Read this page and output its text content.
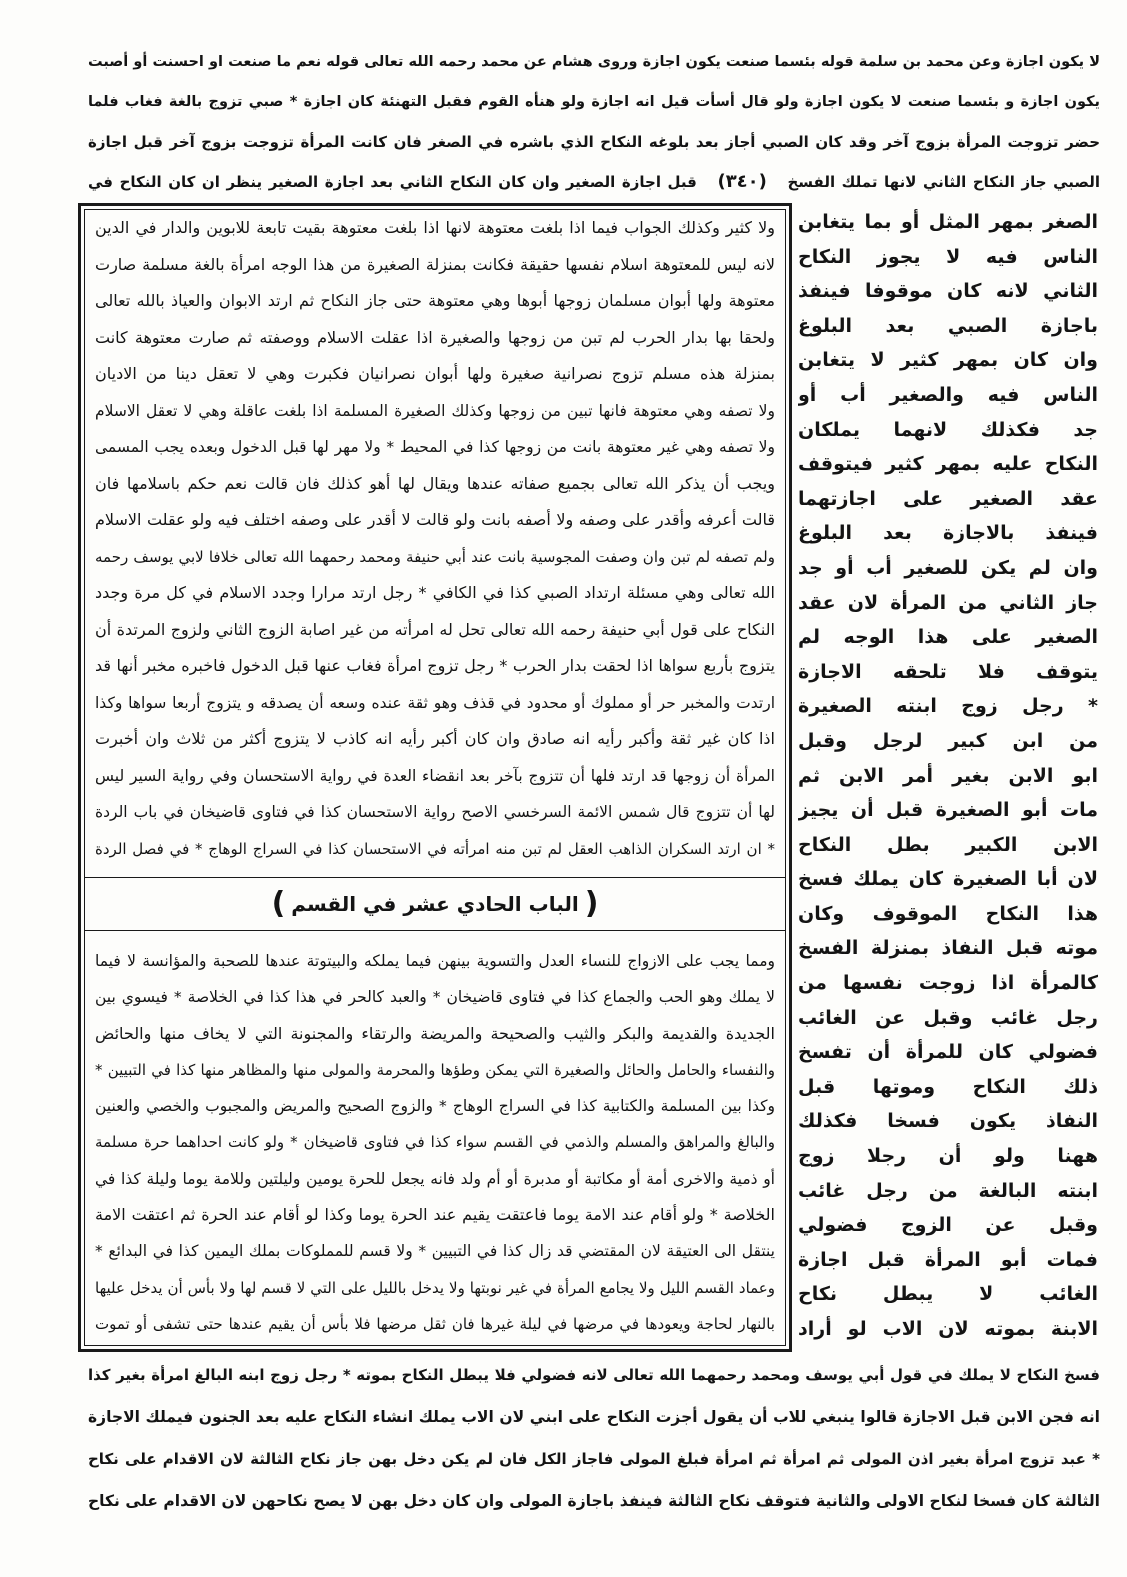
لا يكون اجازة وعن محمد بن سلمة قوله بئسما صنعت يكون اجازة وروى هشام عن محمد رحمه الله تعالى قوله نعم ما صنعت او احسنت أو أصبت
يكون اجازة و بئسما صنعت لا يكون اجازة ولو قال أسأت قيل انه اجازة ولو هنأه القوم فقبل التهنئة كان اجازة * صبي تزوج بالغة فغاب فلما
حضر تزوجت المرأة بزوج آخر وقد كان الصبي أجاز بعد بلوغه النكاح الذي باشره في الصغر فان كانت المرأة تزوجت بزوج آخر قبل اجازة
الصبي جاز النكاح الثاني لانها تملك الفسخ (٣٤٠) قبل اجازة الصغير وان كان النكاح الثاني بعد اجازة الصغير ينظر ان كان النكاح في
ولا كثير وكذلك الجواب فيما اذا بلغت معتوهة لانها اذا بلغت معتوهة بقيت تابعة للابوين والدار في الدين
لانه ليس للمعتوهة اسلام نفسها حقيقة فكانت بمنزلة الصغيرة من هذا الوجه امرأة بالغة مسلمة صارت
معتوهة ولها أبوان مسلمان زوجها أبوها وهي معتوهة حتى جاز النكاح ثم ارتد الابوان والعياذ بالله تعالى
ولحقا بها بدار الحرب لم تبن من زوجها والصغيرة اذا عقلت الاسلام ووصفته ثم صارت معتوهة كانت
بمنزلة هذه مسلم تزوج نصرانية صغيرة ولها أبوان نصرانيان فكبرت وهي لا تعقل دينا من الاديان
ولا تصفه وهي معتوهة فانها تبين من زوجها وكذلك الصغيرة المسلمة اذا بلغت عاقلة وهي لا تعقل الاسلام
ولا تصفه وهي غير معتوهة بانت من زوجها كذا في المحيط * ولا مهر لها قبل الدخول وبعده يجب المسمى
ويجب أن يذكر الله تعالى بجميع صفاته عندها ويقال لها أهو كذلك فان قالت نعم حكم باسلامها فان
قالت أعرفه وأقدر على وصفه ولا أصفه بانت ولو قالت لا أقدر على وصفه اختلف فيه ولو عقلت الاسلام
ولم تصفه لم تبن وان وصفت المجوسية بانت عند أبي حنيفة ومحمد رحمهما الله تعالى خلافا لابي يوسف رحمه
الله تعالى وهي مسئلة ارتداد الصبي كذا في الكافي * رجل ارتد مرارا وجدد الاسلام في كل مرة وجدد
النكاح على قول أبي حنيفة رحمه الله تعالى تحل له امرأته من غير اصابة الزوج الثاني ولزوج المرتدة أن
يتزوج بأربع سواها اذا لحقت بدار الحرب * رجل تزوج امرأة فغاب عنها قبل الدخول فاخبره مخبر أنها قد
ارتدت والمخبر حر أو مملوك أو محدود في قذف وهو ثقة عنده وسعه أن يصدقه و يتزوج أربعا سواها وكذا
اذا كان غير ثقة وأكبر رأيه انه صادق وان كان أكبر رأيه انه كاذب لا يتزوج أكثر من ثلاث وان أخبرت
المرأة أن زوجها قد ارتد فلها أن تتزوج بآخر بعد انقضاء العدة في رواية الاستحسان وفي رواية السير ليس
لها أن تتزوج قال شمس الائمة السرخسي الاصح رواية الاستحسان كذا في فتاوى قاضيخان في باب الردة
* ان ارتد السكران الذاهب العقل لم تبن منه امرأته في الاستحسان كذا في السراج الوهاج * في فصل الردة
(
الباب الحادي عشر في القسم
)
ومما يجب على الازواج للنساء العدل والتسوية بينهن فيما يملكه والبيتوتة عندها للصحبة والمؤانسة لا فيما
لا يملك وهو الحب والجماع كذا في فتاوى قاضيخان * والعبد كالحر في هذا كذا في الخلاصة * فيسوي بين
الجديدة والقديمة والبكر والثيب والصحيحة والمريضة والرتقاء والمجنونة التي لا يخاف منها والحائض
والنفساء والحامل والحائل والصغيرة التي يمكن وطؤها والمحرمة والمولى منها والمظاهر منها كذا في التبيين *
وكذا بين المسلمة والكتابية كذا في السراج الوهاج * والزوج الصحيح والمريض والمجبوب والخصي والعنين
والبالغ والمراهق والمسلم والذمي في القسم سواء كذا في فتاوى قاضيخان * ولو كانت احداهما حرة مسلمة
أو ذمية والاخرى أمة أو مكاتبة أو مدبرة أو أم ولد فانه يجعل للحرة يومين وليلتين وللامة يوما وليلة كذا في
الخلاصة * ولو أقام عند الامة يوما فاعتقت يقيم عند الحرة يوما وكذا لو أقام عند الحرة ثم اعتقت الامة
ينتقل الى العتيقة لان المقتضي قد زال كذا في التبيين * ولا قسم للمملوكات بملك اليمين كذا في البدائع *
وعماد القسم الليل ولا يجامع المرأة في غير نوبتها ولا يدخل بالليل على التي لا قسم لها ولا بأس أن يدخل عليها
بالنهار لحاجة ويعودها في مرضها في ليلة غيرها فان ثقل مرضها فلا بأس أن يقيم عندها حتى تشفى أو تموت
الصغر بمهر المثل أو بما يتغابن
الناس فيه لا يجوز النكاح
الثاني لانه كان موقوفا فينفذ
باجازة الصبي بعد البلوغ
وان كان بمهر كثير لا يتغابن
الناس فيه والصغير أب أو
جد فكذلك لانهما يملكان
النكاح عليه بمهر كثير فيتوقف
عقد الصغير على اجازتهما
فينفذ بالاجازة بعد البلوغ
وان لم يكن للصغير أب أو جد
جاز الثاني من المرأة لان عقد
الصغير على هذا الوجه لم
يتوقف فلا تلحقه الاجازة
* رجل زوج ابنته الصغيرة
من ابن كبير لرجل وقبل
ابو الابن بغير أمر الابن ثم
مات أبو الصغيرة قبل أن يجيز
الابن الكبير بطل النكاح
لان أبا الصغيرة كان يملك فسخ
هذا النكاح الموقوف وكان
موته قبل النفاذ بمنزلة الفسخ
كالمرأة اذا زوجت نفسها من
رجل غائب وقبل عن الغائب
فضولي كان للمرأة أن تفسخ
ذلك النكاح وموتها قبل
النفاذ يكون فسخا فكذلك
ههنا ولو أن رجلا زوج
ابنته البالغة من رجل غائب
وقبل عن الزوج فضولي
فمات أبو المرأة قبل اجازة
الغائب لا يبطل نكاح
الابنة بموته لان الاب لو أراد
فسخ النكاح لا يملك في قول أبي يوسف ومحمد رحمهما الله تعالى لانه فضولي فلا يبطل النكاح بموته * رجل زوج ابنه البالغ امرأة بغير كذا
انه فجن الابن قبل الاجازة قالوا ينبغي للاب أن يقول أجزت النكاح على ابني لان الاب يملك انشاء النكاح عليه بعد الجنون فيملك الاجازة
* عبد تزوج امرأة بغير اذن المولى ثم امرأة ثم امرأة فبلغ المولى فاجاز الكل فان لم يكن دخل بهن جاز نكاح الثالثة لان الاقدام على نكاح
الثالثة كان فسخا لنكاح الاولى والثانية فتوقف نكاح الثالثة فينفذ باجازة المولى وان كان دخل بهن لا يصح نكاحهن لان الاقدام على نكاح
